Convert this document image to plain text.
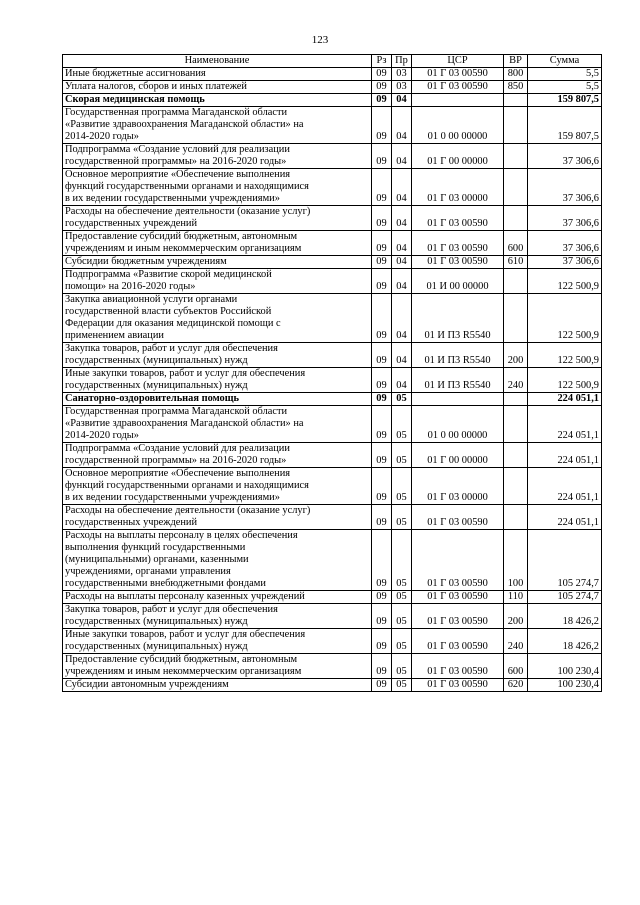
123
Наименование	Рз	Пр	ЦСР	ВР	Сумма

Иные бюджетные ассигнования	09	03	01 Г 03 00590	800	5,5

Уплата налогов, сборов и иных платежей	09	03	01 Г 03 00590	850	5,5

Скорая медицинская помощь	09	04			159 807,5

Государственная программа Магаданской области
«Развитие здравоохранения Магаданской области» на
2014-2020 годы»	09	04	01 0 00 00000		159 807,5

Подпрограмма «Создание условий для реализации
государственной программы» на 2016-2020 годы»	09	04	01 Г 00 00000		37 306,6

Основное мероприятие «Обеспечение выполнения
функций государственными органами и находящимися
в их ведении государственными учреждениями»	09	04	01 Г 03 00000		37 306,6

Расходы на обеспечение деятельности (оказание услуг)
государственных учреждений	09	04	01 Г 03 00590		37 306,6

Предоставление субсидий бюджетным, автономным
учреждениям и иным некоммерческим организациям	09	04	01 Г 03 00590	600	37 306,6

Субсидии бюджетным учреждениям	09	04	01 Г 03 00590	610	37 306,6

Подпрограмма «Развитие скорой медицинской
помощи» на 2016-2020 годы»	09	04	01 И 00 00000		122 500,9

Закупка авиационной услуги органами
государственной власти субъектов Российской
Федерации для оказания медицинской помощи с
применением авиации	09	04	01 И П3 R5540		122 500,9

Закупка товаров, работ и услуг для обеспечения
государственных (муниципальных) нужд	09	04	01 И П3 R5540	200	122 500,9

Иные закупки товаров, работ и услуг для обеспечения
государственных (муниципальных) нужд	09	04	01 И П3 R5540	240	122 500,9

Санаторно-оздоровительная помощь	09	05			224 051,1

Государственная программа Магаданской области
«Развитие здравоохранения Магаданской области» на
2014-2020 годы»	09	05	01 0 00 00000		224 051,1

Подпрограмма «Создание условий для реализации
государственной программы» на 2016-2020 годы»	09	05	01 Г 00 00000		224 051,1

Основное мероприятие «Обеспечение выполнения
функций государственными органами и находящимися
в их ведении государственными учреждениями»	09	05	01 Г 03 00000		224 051,1

Расходы на обеспечение деятельности (оказание услуг)
государственных учреждений	09	05	01 Г 03 00590		224 051,1

Расходы на выплаты персоналу в целях обеспечения
выполнения функций государственными
(муниципальными) органами, казенными
учреждениями, органами управления
государственными внебюджетными фондами	09	05	01 Г 03 00590	100	105 274,7

Расходы на выплаты персоналу казенных учреждений	09	05	01 Г 03 00590	110	105 274,7

Закупка товаров, работ и услуг для обеспечения
государственных (муниципальных) нужд	09	05	01 Г 03 00590	200	18 426,2

Иные закупки товаров, работ и услуг для обеспечения
государственных (муниципальных) нужд	09	05	01 Г 03 00590	240	18 426,2

Предоставление субсидий бюджетным, автономным
учреждениям и иным некоммерческим организациям	09	05	01 Г 03 00590	600	100 230,4

Субсидии автономным учреждениям	09	05	01 Г 03 00590	620	100 230,4
